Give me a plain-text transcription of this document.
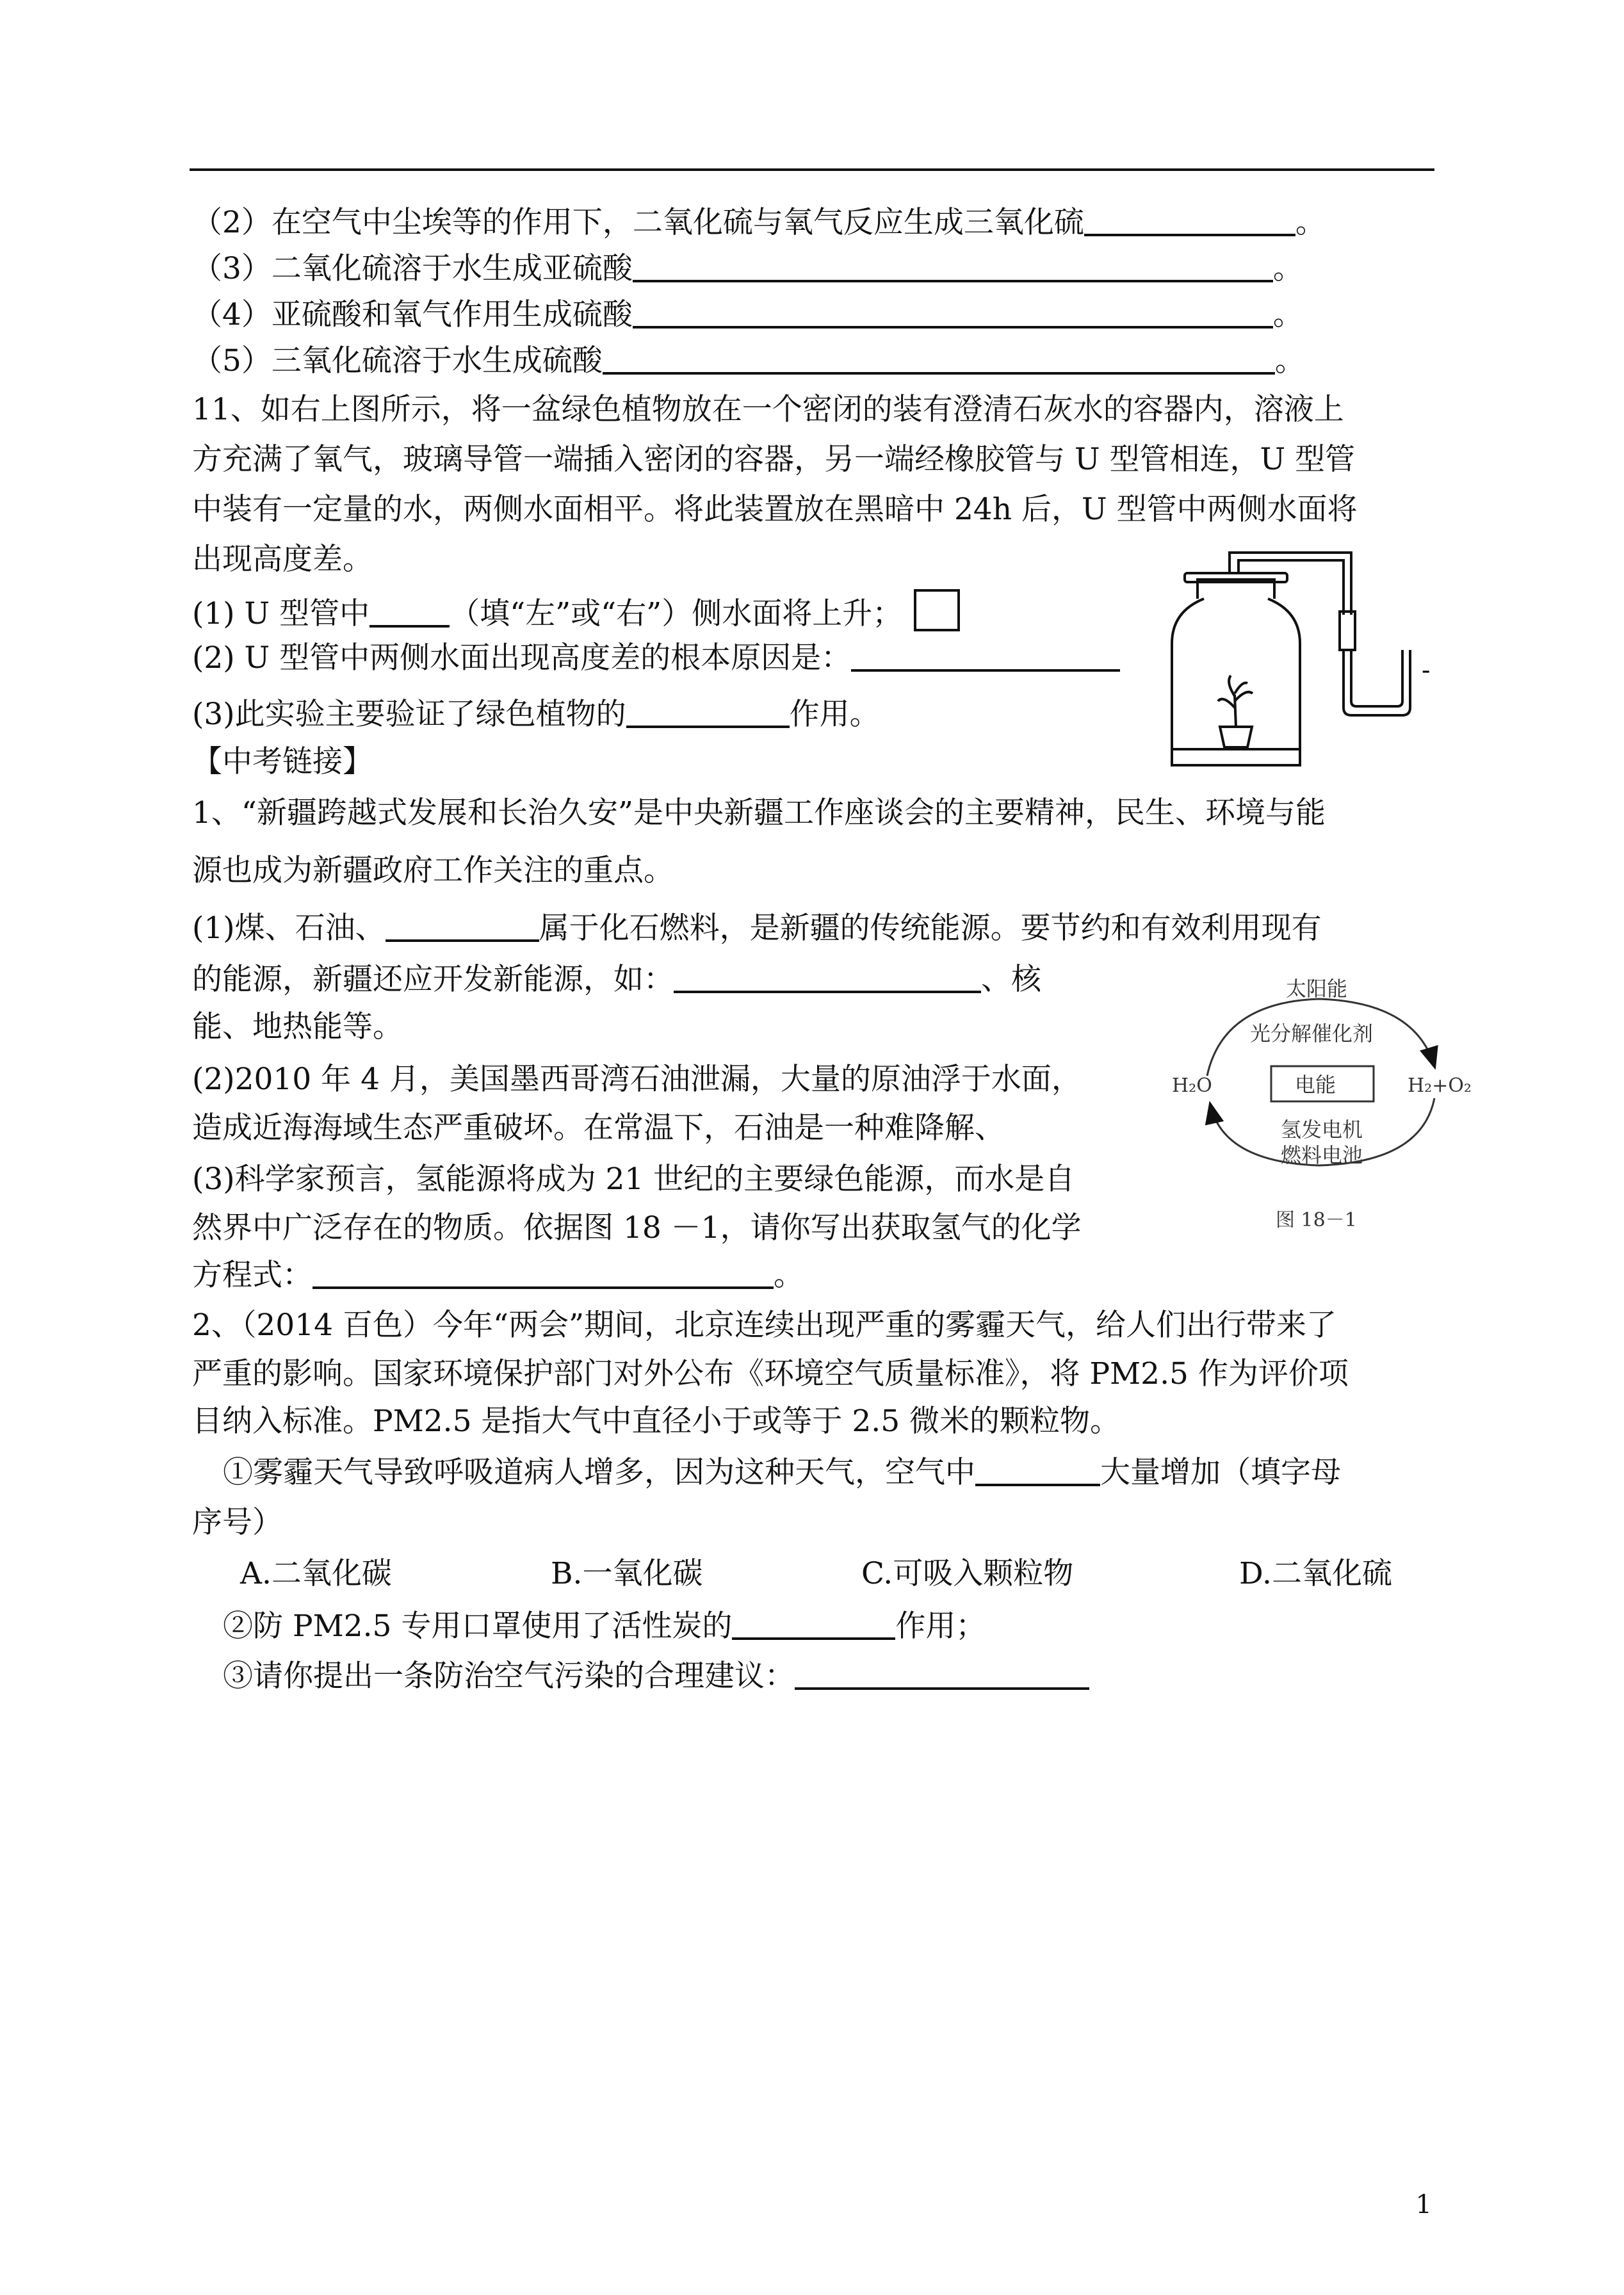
（2）在空气中尘埃等的作用下，二氧化硫与氧气反应生成三氧化硫	。
（3）二氧化硫溶于水生成亚硫酸	。
（4）亚硫酸和氧气作用生成硫酸	。
（5）三氧化硫溶于水生成硫酸	。
11、如右上图所示，将一盆绿色植物放在一个密闭的装有澄清石灰水的容器内，溶液上
方充满了氧气，玻璃导管一端插入密闭的容器，另一端经橡胶管与 U 型管相连，U 型管
中装有一定量的水，两侧水面相平。将此装置放在黑暗中 24h 后，U 型管中两侧水面将
出现高度差。
(1) U 型管中	（填“左”或“右”）侧水面将上升；
(2) U 型管中两侧水面出现高度差的根本原因是：
(3)此实验主要验证了绿色植物的	作用。
-
【中考链接】
1、“新疆跨越式发展和长治久安”是中央新疆工作座谈会的主要精神，民生、环境与能
源也成为新疆政府工作关注的重点。
(1)煤、石油、	属于化石燃料，是新疆的传统能源。要节约和有效利用现有
的能源，新疆还应开发新能源，如：	、核
能、地热能等。
(2)2010 年 4 月，美国墨西哥湾石油泄漏，大量的原油浮于水面，
造成近海海域生态严重破坏。在常温下，石油是一种难降解、
(3)科学家预言，氢能源将成为 21 世纪的主要绿色能源，而水是自
然界中广泛存在的物质。依据图 18 －1，请你写出获取氢气的化学
方程式：	。
太阳能
光分解催化剂
H₂O	电能	H₂+O₂
氢发电机
燃料电池
图 18－1
2、（2014 百色）今年“两会”期间，北京连续出现严重的雾霾天气，给人们出行带来了
严重的影响。国家环境保护部门对外公布《环境空气质量标准》，将 PM2.5 作为评价项
目纳入标准。PM2.5 是指大气中直径小于或等于 2.5 微米的颗粒物。
①雾霾天气导致呼吸道病人增多，因为这种天气，空气中	大量增加（填字母
序号）
A.二氧化碳	B.一氧化碳	C.可吸入颗粒物	D.二氧化硫
②防 PM2.5 专用口罩使用了活性炭的	作用；
③请你提出一条防治空气污染的合理建议：
1
